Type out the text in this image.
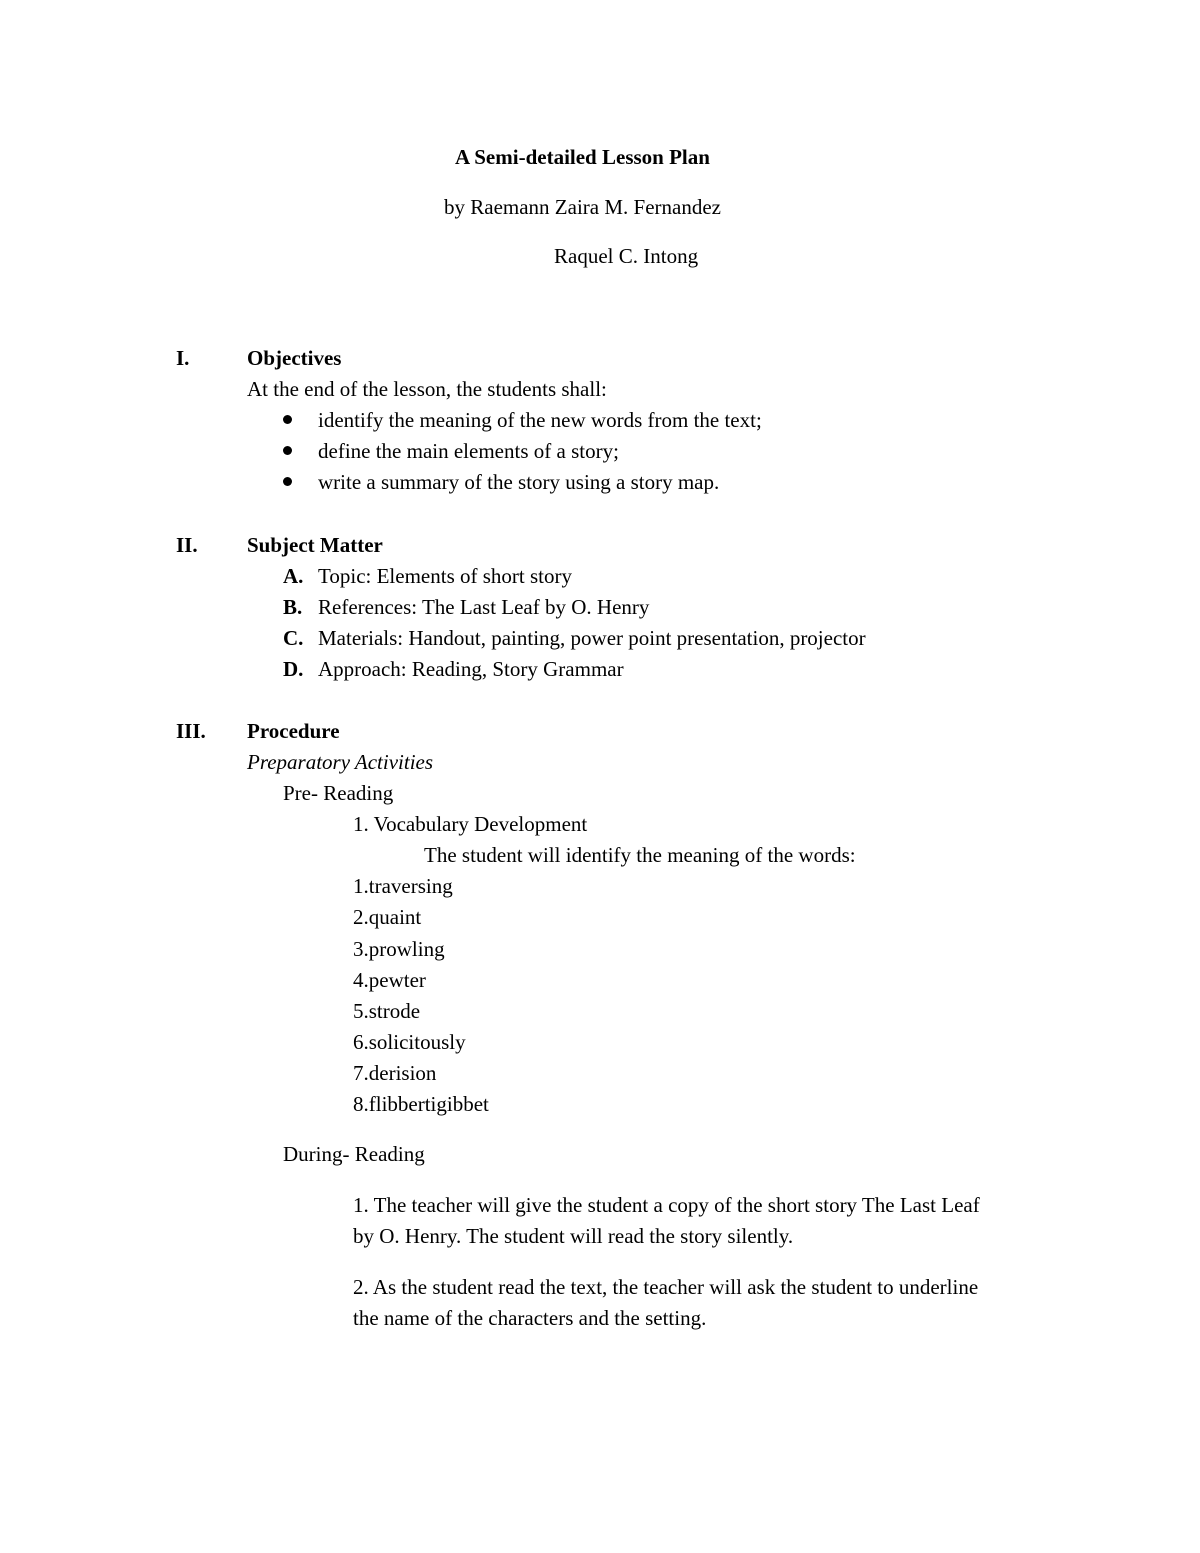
A Semi-detailed Lesson Plan
by Raemann Zaira M. Fernandez
Raquel C. Intong
I.	Objectives
At the end of the lesson, the students shall:
identify the meaning of the new words from the text;
define the main elements of a story;
write a summary of the story using a story map.
II. Subject Matter
A. Topic: Elements of short story
B. References: The Last Leaf by O. Henry
C. Materials: Handout, painting, power point presentation, projector
D. Approach: Reading, Story Grammar
III. Procedure
Preparatory Activities
Pre- Reading
1. Vocabulary Development
The student will identify the meaning of the words:
1.traversing
2.quaint
3.prowling
4.pewter
5.strode
6.solicitously
7.derision
8.flibbertigibbet
During- Reading
1. The teacher will give the student a copy of the short story The Last Leaf
by O. Henry. The student will read the story silently.
2. As the student read the text, the teacher will ask the student to underline
the name of the characters and the setting.
